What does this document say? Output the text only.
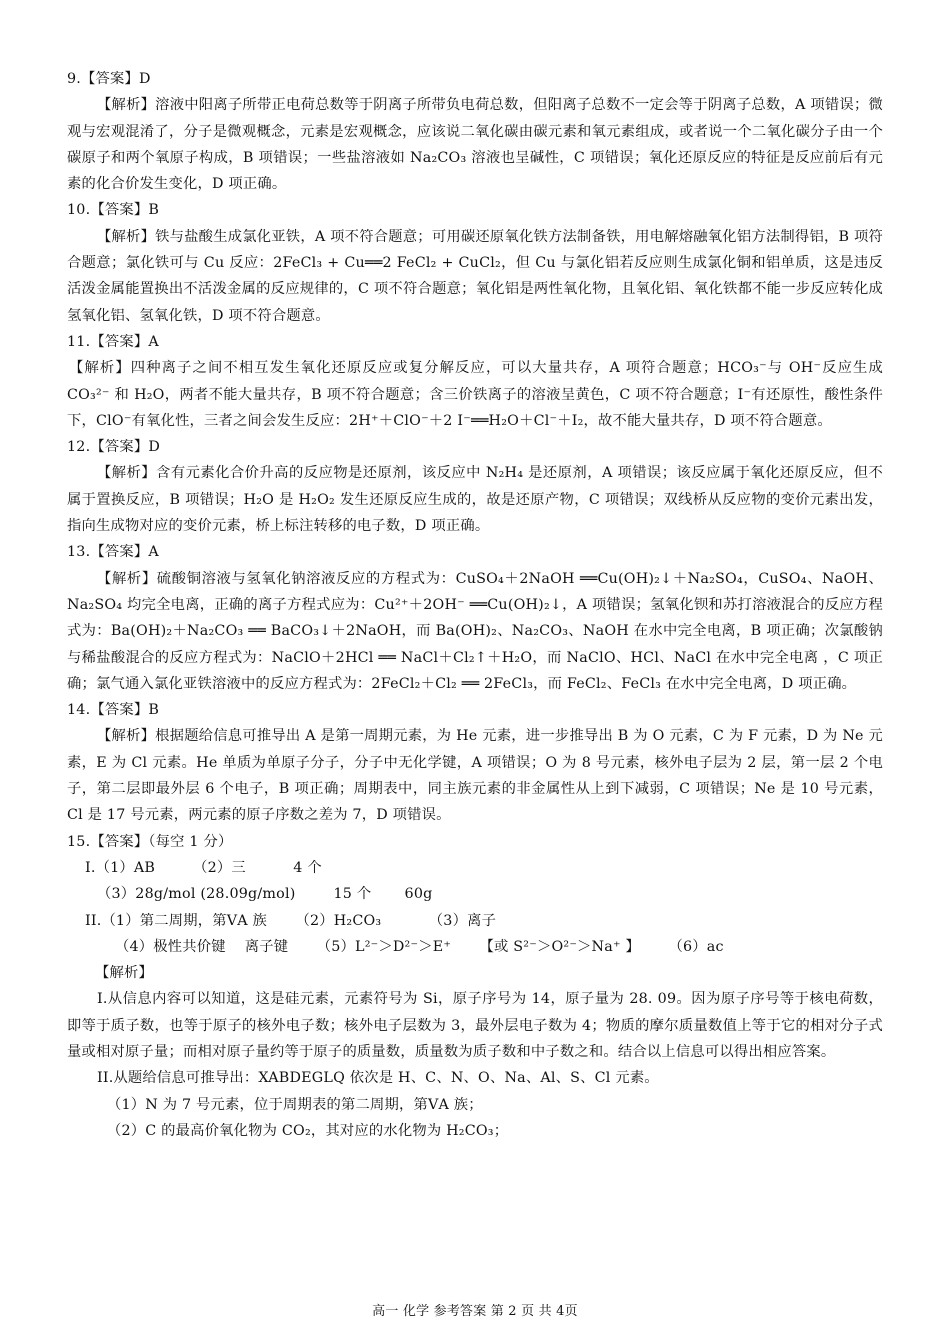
9.【答案】D

【解析】溶液中阳离子所带正电荷总数等于阴离子所带负电荷总数，但阳离子总数不一定会等于阴离子总数，A 项错误；微观与宏观混淆了，分子是微观概念，元素是宏观概念，应该说二氧化碳由碳元素和氧元素组成，或者说一个二氧化碳分子由一个碳原子和两个氧原子构成，B 项错误；一些盐溶液如 Na₂CO₃ 溶液也呈碱性，C 项错误；氧化还原反应的特征是反应前后有元素的化合价发生变化，D 项正确。

10.【答案】B

【解析】铁与盐酸生成氯化亚铁，A 项不符合题意；可用碳还原氧化铁方法制备铁，用电解熔融氧化铝方法制得铝，B 项符合题意；氯化铁可与 Cu 反应：2FeCl₃ + Cu══2 FeCl₂ + CuCl₂，但 Cu 与氯化铝若反应则生成氯化铜和铝单质，这是违反活泼金属能置换出不活泼金属的反应规律的，C 项不符合题意；氧化铝是两性氧化物，且氧化铝、氧化铁都不能一步反应转化成氢氧化铝、氢氧化铁，D 项不符合题意。

11.【答案】A

【解析】四种离子之间不相互发生氧化还原反应或复分解反应，可以大量共存，A 项符合题意；HCO₃⁻与 OH⁻反应生成 CO₃²⁻ 和 H₂O，两者不能大量共存，B 项不符合题意；含三价铁离子的溶液呈黄色，C 项不符合题意；I⁻有还原性，酸性条件下，ClO⁻有氧化性，三者之间会发生反应：2H⁺＋ClO⁻＋2 I⁻══H₂O＋Cl⁻＋I₂，故不能大量共存，D 项不符合题意。

12.【答案】D

【解析】含有元素化合价升高的反应物是还原剂，该反应中 N₂H₄ 是还原剂，A 项错误；该反应属于氧化还原反应，但不属于置换反应，B 项错误；H₂O 是 H₂O₂ 发生还原反应生成的，故是还原产物，C 项错误；双线桥从反应物的变价元素出发，指向生成物对应的变价元素，桥上标注转移的电子数，D 项正确。

13.【答案】A

【解析】硫酸铜溶液与氢氧化钠溶液反应的方程式为：CuSO₄＋2NaOH ══Cu(OH)₂↓＋Na₂SO₄，CuSO₄、NaOH、Na₂SO₄ 均完全电离，正确的离子方程式应为：Cu²⁺＋2OH⁻ ══Cu(OH)₂↓，A 项错误；氢氧化钡和苏打溶液混合的反应方程式为：Ba(OH)₂＋Na₂CO₃ ══ BaCO₃↓＋2NaOH，而 Ba(OH)₂、Na₂CO₃、NaOH 在水中完全电离，B 项正确；次氯酸钠与稀盐酸混合的反应方程式为：NaClO＋2HCl ══ NaCl＋Cl₂↑＋H₂O，而 NaClO、HCl、NaCl 在水中完全电离 ，C 项正确；氯气通入氯化亚铁溶液中的反应方程式为：2FeCl₂＋Cl₂ ══ 2FeCl₃，而 FeCl₂、FeCl₃ 在水中完全电离，D 项正确。

14.【答案】B

【解析】根据题给信息可推导出 A 是第一周期元素，为 He 元素，进一步推导出 B 为 O 元素，C 为 F 元素，D 为 Ne 元素，E 为 Cl 元素。He 单质为单原子分子，分子中无化学键，A 项错误；O 为 8 号元素，核外电子层为 2 层，第一层 2 个电子，第二层即最外层 6 个电子，B 项正确；周期表中，同主族元素的非金属性从上到下减弱，C 项错误；Ne 是 10 号元素，Cl 是 17 号元素，两元素的原子序数之差为 7，D 项错误。

15.【答案】（每空 1 分）

I.（1）AB        （2）三          4 个

（3）28g/mol (28.09g/mol)        15 个       60g

II.（1）第二周期，第ⅤA 族      （2）H₂CO₃          （3）离子

（4）极性共价键    离子键      （5）L²⁻＞D²⁻＞E⁺      【或 S²⁻＞O²⁻＞Na⁺ 】      （6）ac

【解析】

I.从信息内容可以知道，这是硅元素，元素符号为 Si，原子序号为 14，原子量为 28. 09。因为原子序号等于核电荷数，即等于质子数，也等于原子的核外电子数；核外电子层数为 3，最外层电子数为 4；物质的摩尔质量数值上等于它的相对分子式量或相对原子量；而相对原子量约等于原子的质量数，质量数为质子数和中子数之和。结合以上信息可以得出相应答案。

II.从题给信息可推导出：XABDEGLQ 依次是 H、C、N、O、Na、Al、S、Cl 元素。

（1）N 为 7 号元素，位于周期表的第二周期，第ⅤA 族；

（2）C 的最高价氧化物为 CO₂，其对应的水化物为 H₂CO₃；

高一 化学 参考答案 第 2 页 共 4页
